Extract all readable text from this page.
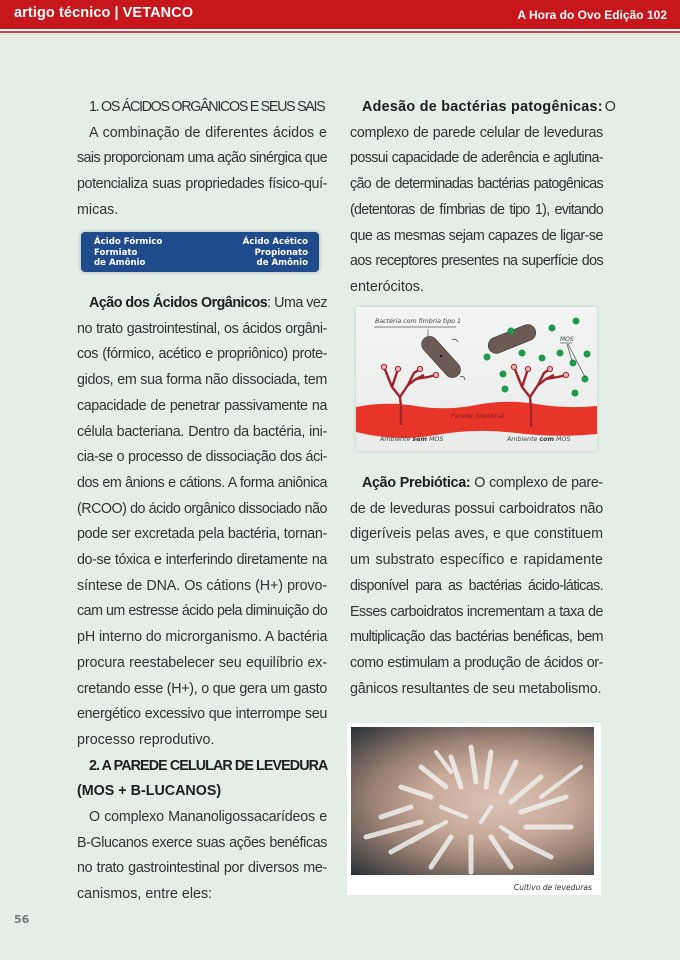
artigo técnico | VETANCO	A Hora do Ovo Edição 102
1. OS ÁCIDOS ORGÂNICOS E SEUS SAIS
A combinação de diferentes ácidos e
sais proporcionam uma ação sinérgica que
potencializa suas propriedades físico-quí-
micas.
Ácido Fórmico
Formiato
de Amônio
Ácido Acético
Propionato
de Amônio
Ação dos Ácidos Orgânicos: Uma vez
no trato gastrointestinal, os ácidos orgâni-
cos (fórmico, acético e propriônico) prote-
gidos, em sua forma não dissociada, tem
capacidade de penetrar passivamente na
célula bacteriana. Dentro da bactéria, ini-
cia-se o processo de dissociação dos áci-
dos em ânions e cátions. A forma aniônica
(RCOO) do ácido orgânico dissociado não
pode ser excretada pela bactéria, tornan-
do-se tóxica e interferindo diretamente na
síntese de DNA. Os cátions (H+) provo-
cam um estresse ácido pela diminuição do
pH interno do microrganismo. A bactéria
procura reestabelecer seu equilíbrio ex-
cretando esse (H+), o que gera um gasto
energético excessivo que interrompe seu
processo reprodutivo.
2. A PAREDE CELULAR DE LEVEDURA
(MOS + B-LUCANOS)
O complexo Mananoligossacarídeos e
B-Glucanos exerce suas ações benéficas
no trato gastrointestinal por diversos me-
canismos, entre eles:
Adesão de bactérias patogênicas: O
complexo de parede celular de leveduras
possui capacidade de aderência e aglutina-
ção de determinadas bactérias patogênicas
(detentoras de fímbrias de tipo 1), evitando
que as mesmas sejam capazes de ligar-se
aos receptores presentes na superfície dos
enterócitos.
Bactéria com fímbria tipo 1
MOS
Parede intestinal
Ambiente sem MOS	Ambiente com MOS
Ação Prebiótica: O complexo de pare-
de de leveduras possui carboidratos não
digeríveis pelas aves, e que constituem
um substrato específico e rapidamente
disponível para as bactérias ácido-láticas.
Esses carboidratos incrementam a taxa de
multiplicação das bactérias benéficas, bem
como estimulam a produção de ácidos or-
gânicos resultantes de seu metabolismo.
Cultivo de leveduras
56
